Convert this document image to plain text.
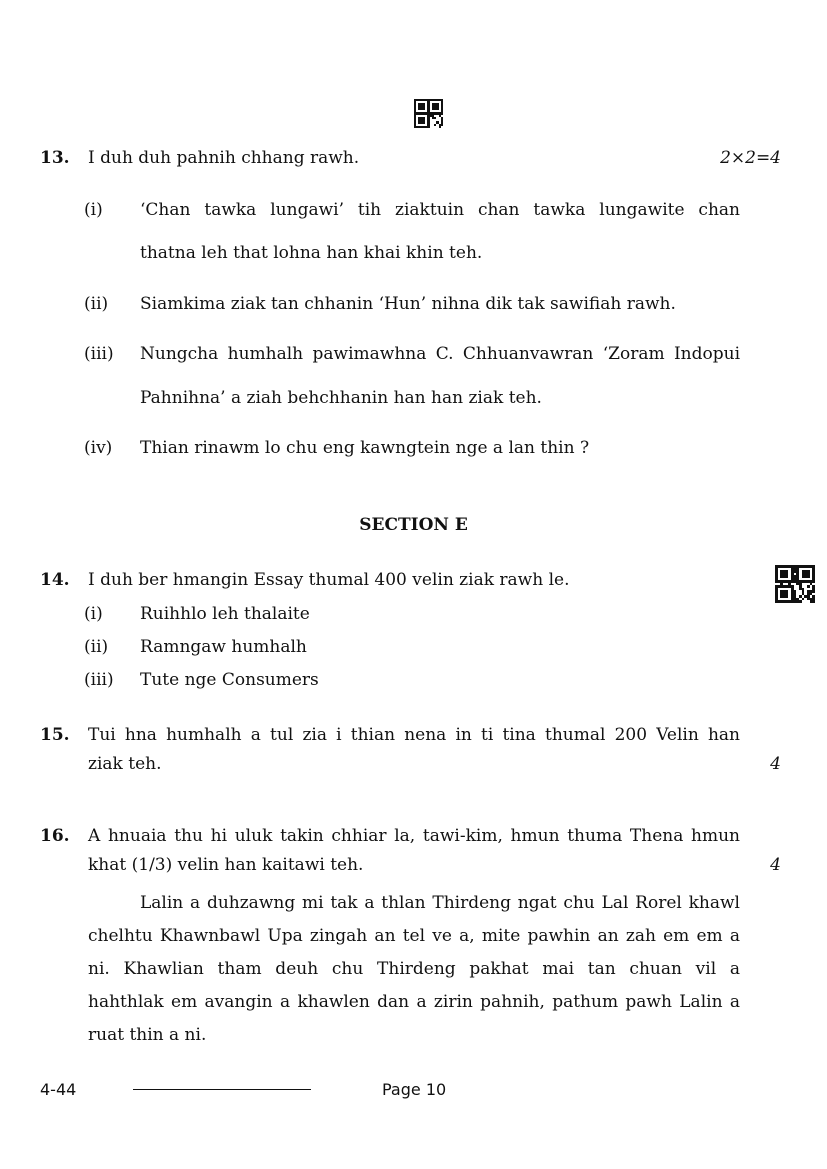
13. I duh duh pahnih chhang rawh.	2×2=4
(i) ‘Chan tawka lungawi’ tih ziaktuin chan tawka lungawite chan
thatna leh that lohna han khai khin teh.
(ii) Siamkima ziak tan chhanin ‘Hun’ nihna dik tak sawifiah rawh.
(iii) Nungcha humhalh pawimawhna C. Chhuanvawran ‘Zoram Indopui
Pahnihna’ a ziah behchhanin han han ziak teh.
(iv) Thian rinawm lo chu eng kawngtein nge a lan thin ?
SECTION E
14. I duh ber hmangin Essay thumal 400 velin ziak rawh le.
(i) Ruihhlo leh thalaite
(ii) Ramngaw humhalh
(iii) Tute nge Consumers
15. Tui hna humhalh a tul zia i thian nena in ti tina thumal 200 Velin han
ziak teh.	4
16. A hnuaia thu hi uluk takin chhiar la, tawi-kim, hmun thuma Thena hmun
khat (1/3) velin han kaitawi teh.	4
Lalin a duhzawng mi tak a thlan Thirdeng ngat chu Lal Rorel khawl
chelhtu Khawnbawl Upa zingah an tel ve a, mite pawhin an zah em em a
ni. Khawlian tham deuh chu Thirdeng pakhat mai tan chuan vil a
hahthlak em avangin a khawlen dan a zirin pahnih, pathum pawh Lalin a
ruat thin a ni.
4-44	Page 10
